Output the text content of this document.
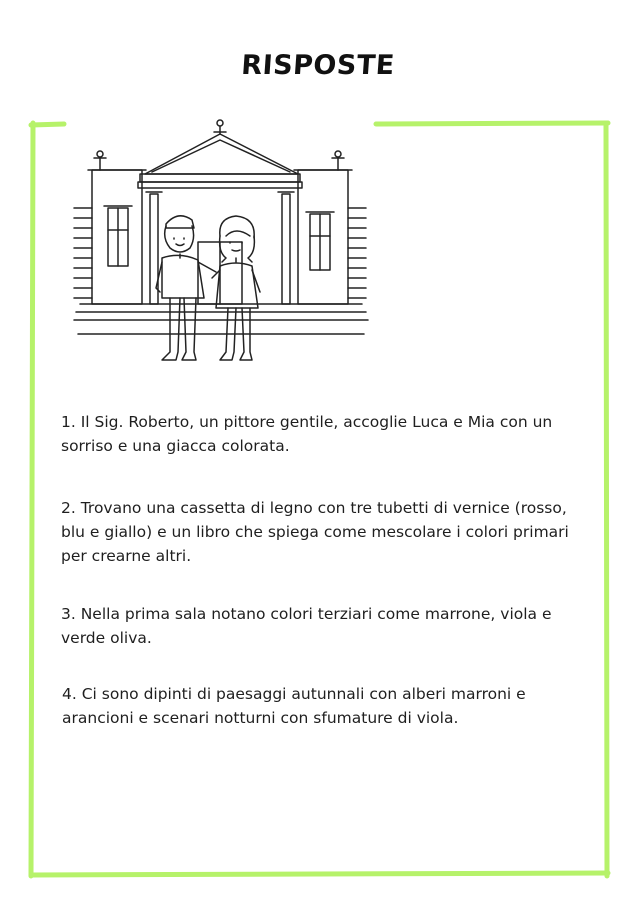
RISPOSTE
1. Il Sig. Roberto, un pittore gentile, accoglie Luca e Mia con un sorriso e una giacca colorata.
2. Trovano una cassetta di legno con tre tubetti di vernice (rosso, blu e giallo) e un libro che spiega come mescolare i colori primari per crearne altri.
3. Nella prima sala notano colori terziari come marrone, viola e verde oliva.
4. Ci sono dipinti di paesaggi autunnali con alberi marroni e arancioni e scenari notturni con sfumature di viola.
